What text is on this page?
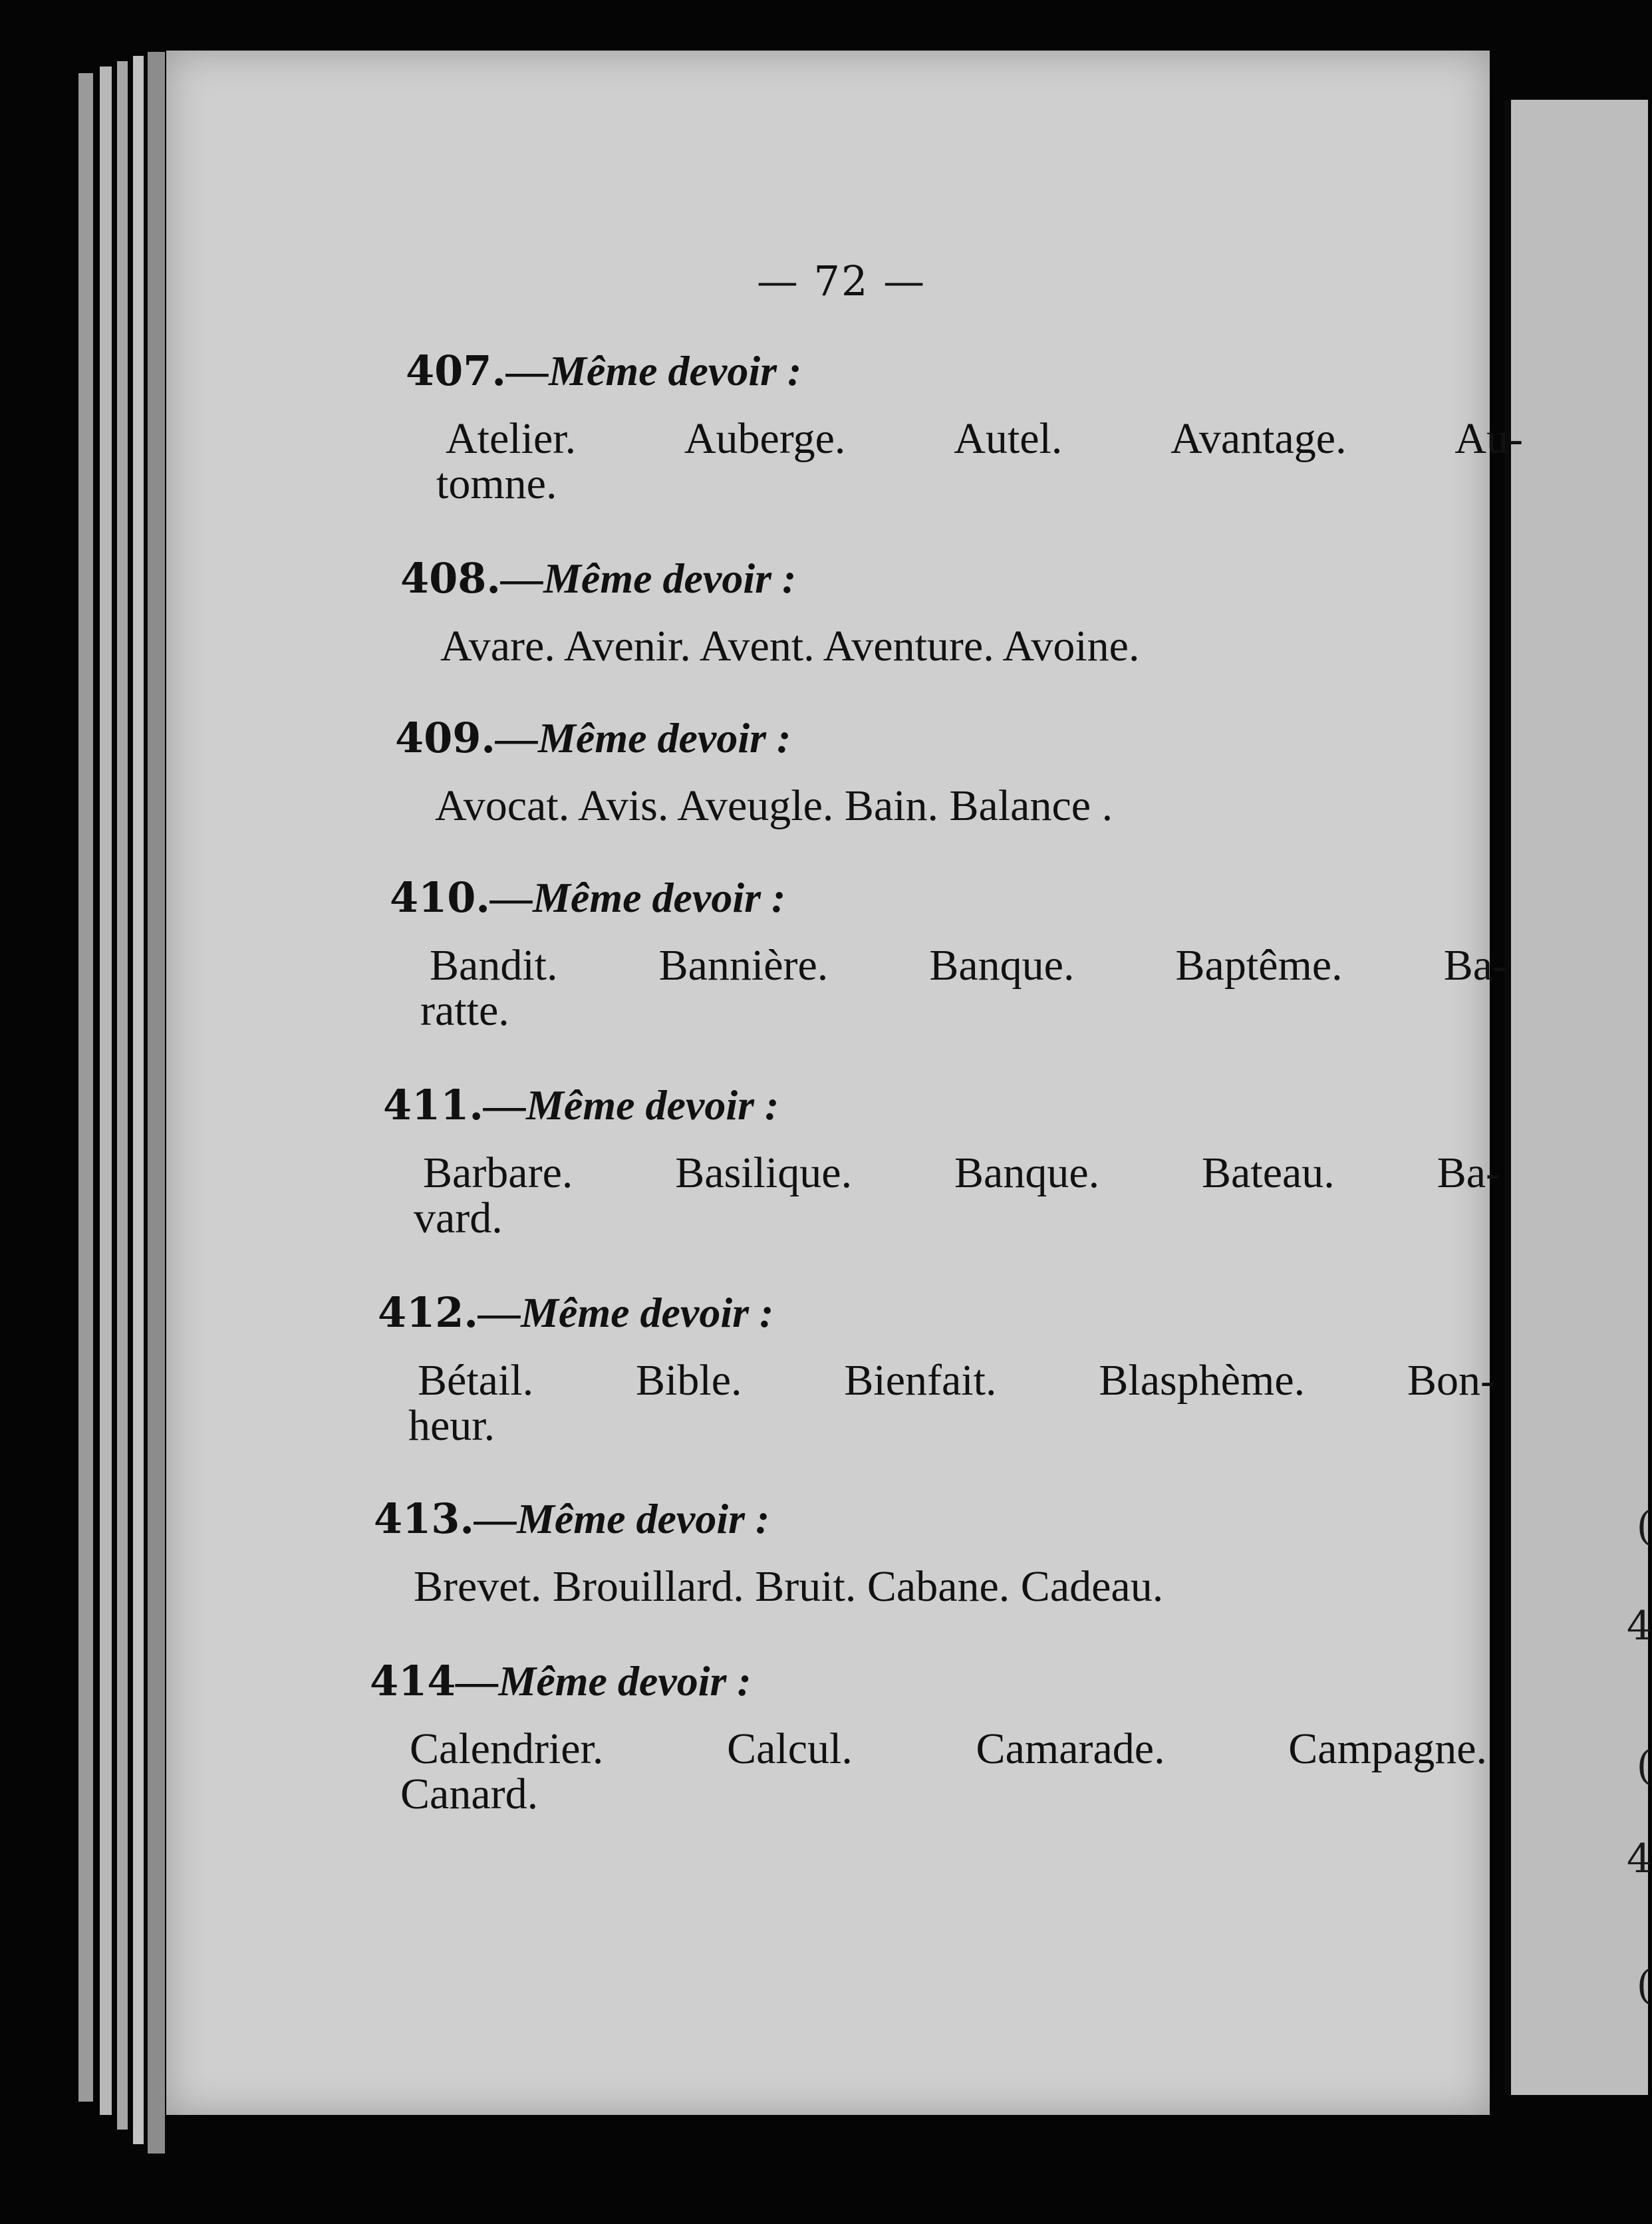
(
4
(
4
(
— 72 —
407.—Même devoir :
Atelier. Auberge. Autel. Avantage. Au-
tomne.
408.—Même devoir :
Avare. Avenir. Avent. Aventure. Avoine.
409.—Même devoir :
Avocat. Avis. Aveugle. Bain. Balance .
410.—Même devoir :
Bandit. Bannière. Banque. Baptême. Ba-
ratte.
411.—Même devoir :
Barbare. Basilique. Banque. Bateau. Ba-
vard.
412.—Même devoir :
Bétail. Bible. Bienfait. Blasphème. Bon-
heur.
413.—Même devoir :
Brevet. Brouillard. Bruit. Cabane. Cadeau.
414—Même devoir :
Calendrier. Calcul. Camarade. Campagne.
Canard.
